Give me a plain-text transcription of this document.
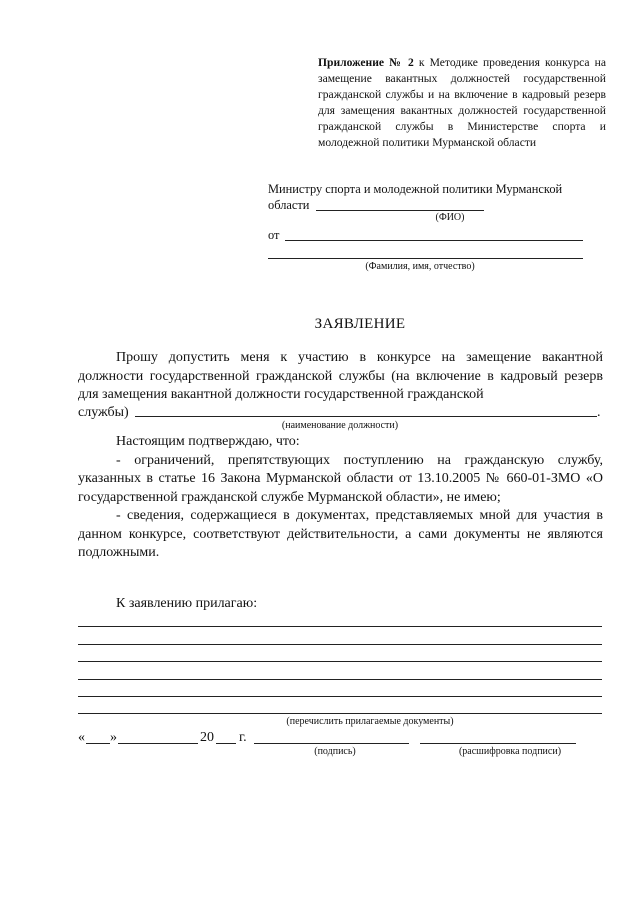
Приложение № 2 к Методике проведения конкурса на замещение вакантных должностей государственной гражданской службы и на включение в кадровый резерв для замещения вакантных должностей государственной гражданской службы в Министерстве спорта и молодежной политики Мурманской области
Министру спорта и молодежной политики Мурманской
области
(ФИО)
от
(Фамилия, имя, отчество)
ЗАЯВЛЕНИЕ

Прошу допустить меня к участию в конкурсе на замещение вакантной должности государственной гражданской службы (на включение в кадровый резерв для замещения вакантной должности государственной гражданской

службы)	.
(наименование должности)

Настоящим подтверждаю, что:

- ограничений, препятствующих поступлению на гражданскую службу, указанных в статье 16 Закона Мурманской области от 13.10.2005 № 660-01-ЗМО «О государственной гражданской службе Мурманской области», не имею;

- сведения, содержащиеся в документах, представляемых мной для участия в данном конкурсе, соответствуют действительности, а сами документы не являются подложными.

К заявлению прилагаю:
(перечислить прилагаемые документы)
« »	20 г.
(подпись)	(расшифровка подписи)
